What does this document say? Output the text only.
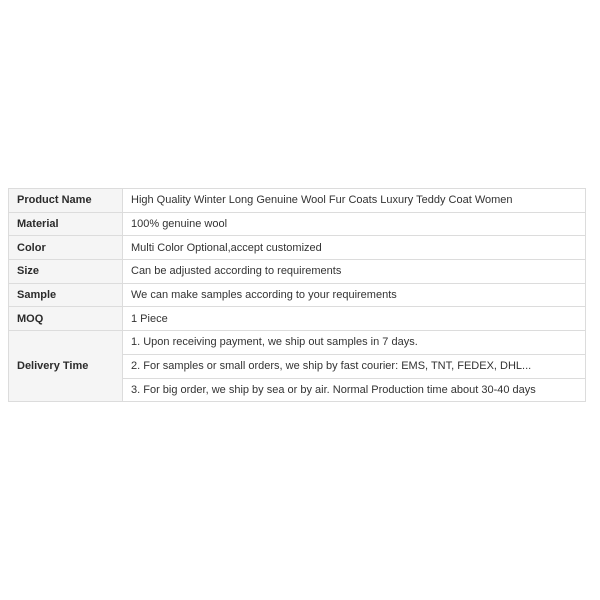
Product Name	High Quality Winter Long Genuine Wool Fur Coats Luxury Teddy Coat Women
Material	100% genuine wool
Color	Multi Color Optional,accept customized
Size	Can be adjusted according to requirements
Sample	We can make samples according to your requirements
MOQ	1 Piece
Delivery Time	1. Upon receiving payment, we ship out samples in 7 days.
	2. For samples or small orders, we ship by fast courier: EMS, TNT, FEDEX, DHL...
	3. For big order, we ship by sea or by air. Normal Production time about 30-40 days
